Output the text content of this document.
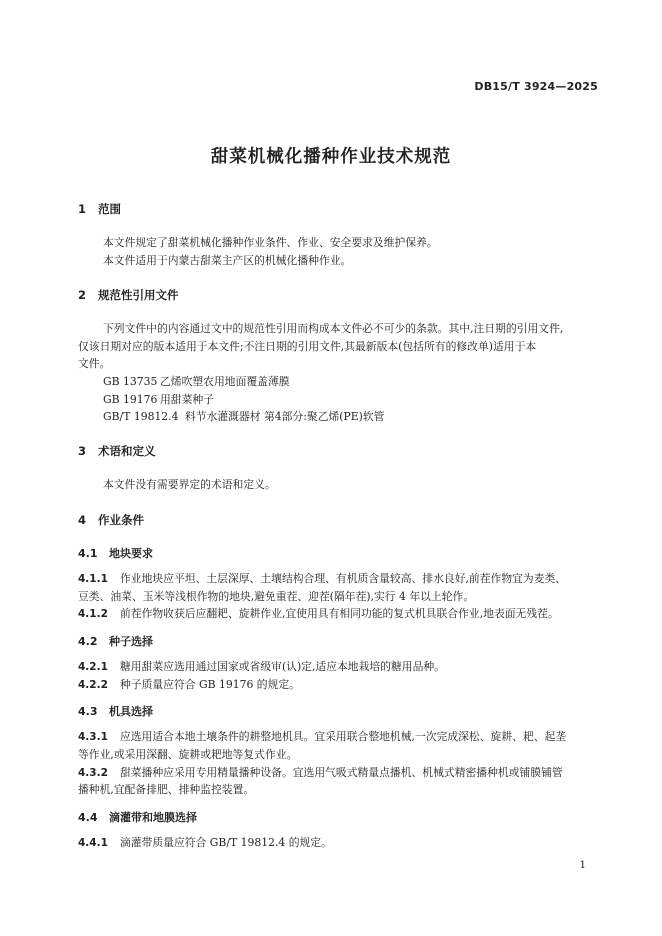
DB15/T 3924—2025
甜菜机械化播种作业技术规范
1 范围
本文件规定了甜菜机械化播种作业条件、作业、安全要求及维护保养。
本文件适用于内蒙古甜菜主产区的机械化播种作业。
2 规范性引用文件
下列文件中的内容通过文中的规范性引用而构成本文件必不可少的条款。其中,注日期的引用文件,
仅该日期对应的版本适用于本文件;不注日期的引用文件,其最新版本(包括所有的修改单)适用于本
文件。
GB 13735 乙烯吹塑农用地面覆盖薄膜
GB 19176 用甜菜种子
GB/T 19812.4 料节水灌溉器材 第4部分:聚乙烯(PE)软管
3 术语和定义
本文件没有需要界定的术语和定义。
4 作业条件
4.1 地块要求
4.1.1 作业地块应平坦、土层深厚、土壤结构合理、有机质含量较高、排水良好,前茬作物宜为麦类、
豆类、油菜、玉米等浅根作物的地块,避免重茬、迎茬(隔年茬),实行 4 年以上轮作。
4.1.2 前茬作物收获后应翻耙、旋耕作业,宜使用具有相同功能的复式机具联合作业,地表面无残茬。
4.2 种子选择
4.2.1 糖用甜菜应选用通过国家或省级审(认)定,适应本地栽培的糖用品种。
4.2.2 种子质量应符合 GB 19176 的规定。
4.3 机具选择
4.3.1 应选用适合本地土壤条件的耕整地机具。宜采用联合整地机械,一次完成深松、旋耕、耙、起垄
等作业,或采用深翻、旋耕或耙地等复式作业。
4.3.2 甜菜播种应采用专用精量播种设备。宜选用气吸式精量点播机、机械式精密播种机或铺膜铺管
播种机,宜配备排肥、排种监控装置。
4.4 滴灌带和地膜选择
4.4.1 滴灌带质量应符合 GB/T 19812.4 的规定。
1
